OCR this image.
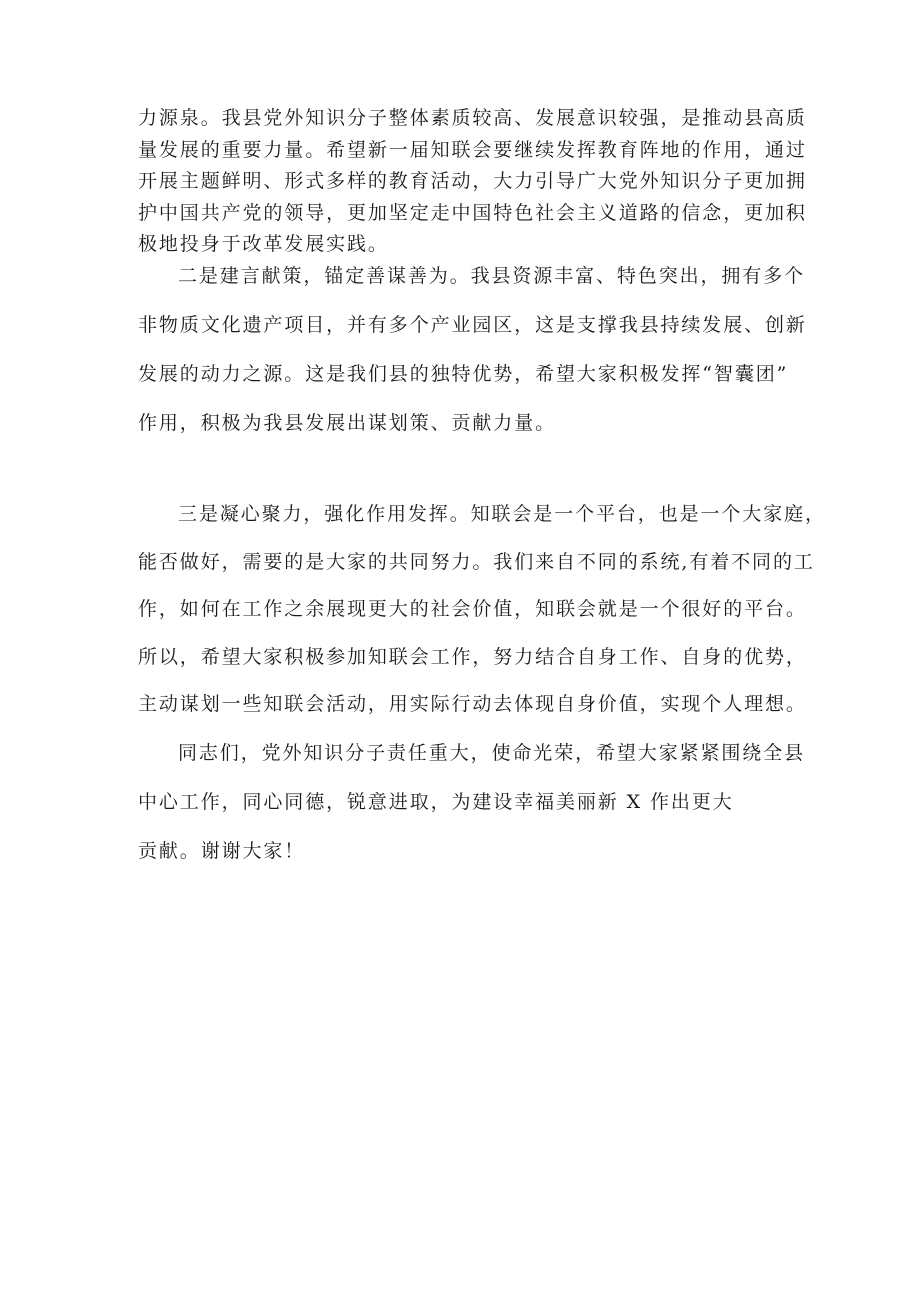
力源泉。我县党外知识分子整体素质较高、发展意识较强，是推动县高质
量发展的重要力量。希望新一届知联会要继续发挥教育阵地的作用，通过
开展主题鲜明、形式多样的教育活动，大力引导广大党外知识分子更加拥
护中国共产党的领导，更加坚定走中国特色社会主义道路的信念，更加积
极地投身于改革发展实践。

二是建言献策，锚定善谋善为。我县资源丰富、特色突出，拥有多个
非物质文化遗产项目，并有多个产业园区，这是支撑我县持续发展、创新
发展的动力之源。这是我们县的独特优势，希望大家积极发挥“智囊团”
作用，积极为我县发展出谋划策、贡献力量。

三是凝心聚力，强化作用发挥。知联会是一个平台，也是一个大家庭，
能否做好，需要的是大家的共同努力。我们来自不同的系统,有着不同的工
作，如何在工作之余展现更大的社会价值，知联会就是一个很好的平台。
所以，希望大家积极参加知联会工作，努力结合自身工作、自身的优势，
主动谋划一些知联会活动，用实际行动去体现自身价值，实现个人理想。

同志们，党外知识分子责任重大，使命光荣，希望大家紧紧围绕全县
中心工作，同心同德，锐意进取，为建设幸福美丽新 X 作出更大
贡献。谢谢大家！
